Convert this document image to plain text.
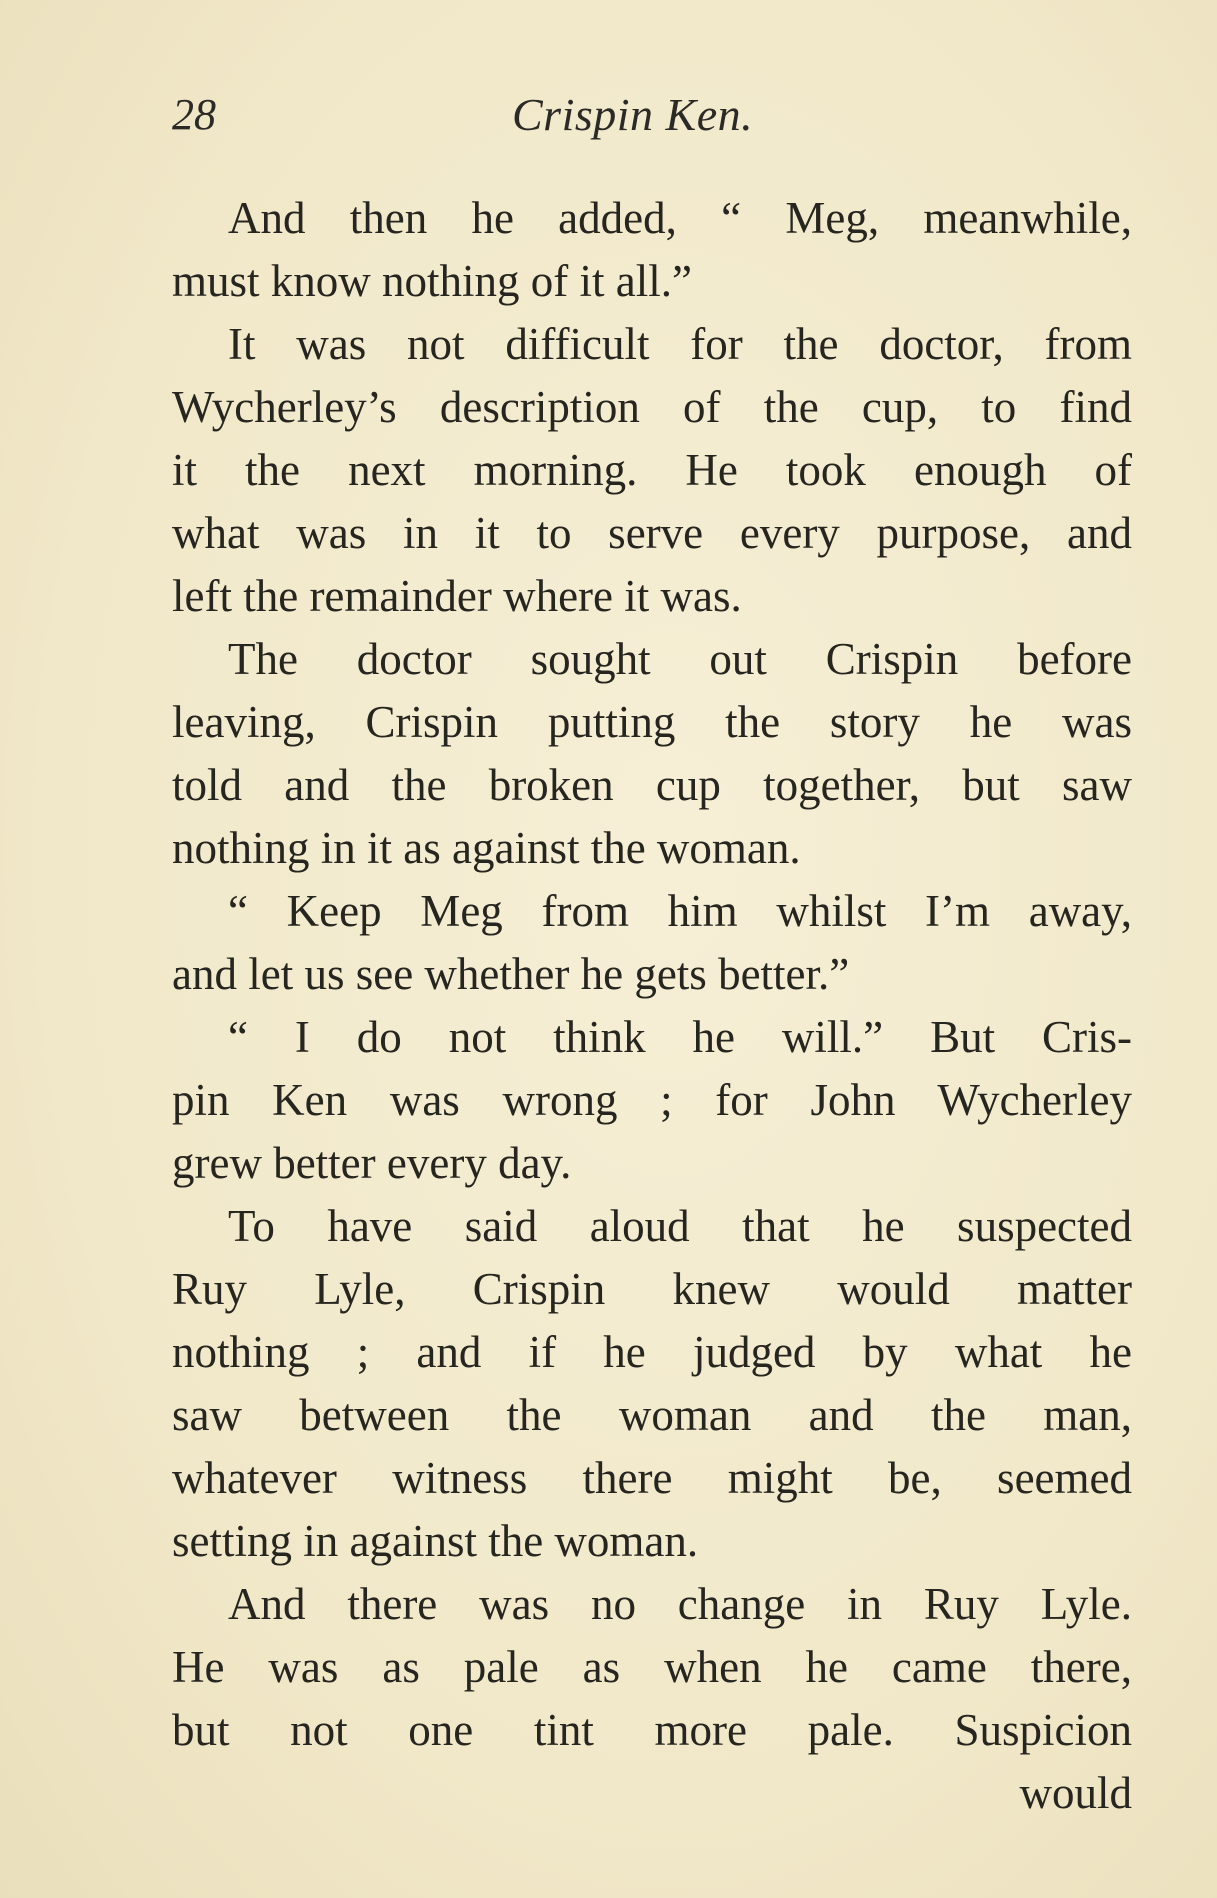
28	Crispin Ken.
And then he added, “ Meg, meanwhile,
must know nothing of it all.”
It was not difficult for the doctor, from
Wycherley’s description of the cup, to find
it the next morning. He took enough of
what was in it to serve every purpose, and
left the remainder where it was.
The doctor sought out Crispin before
leaving, Crispin putting the story he was
told and the broken cup together, but saw
nothing in it as against the woman.
“ Keep Meg from him whilst I’m away,
and let us see whether he gets better.”
“ I do not think he will.” But Cris-
pin Ken was wrong ; for John Wycherley
grew better every day.
To have said aloud that he suspected
Ruy Lyle, Crispin knew would matter
nothing ; and if he judged by what he
saw between the woman and the man,
whatever witness there might be, seemed
setting in against the woman.
And there was no change in Ruy Lyle.
He was as pale as when he came there,
but not one tint more pale. Suspicion
would
